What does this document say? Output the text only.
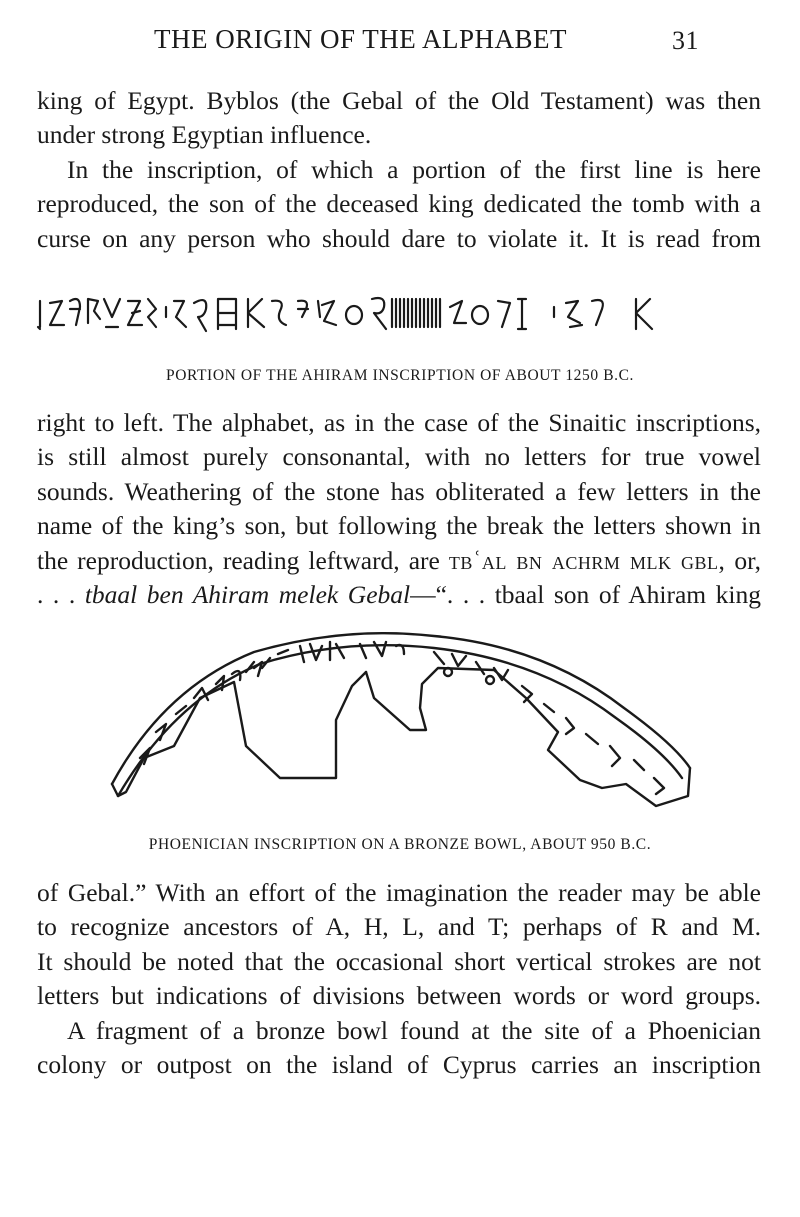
THE ORIGIN OF THE ALPHABET	31
king of Egypt. Byblos (the Gebal of the Old Testament) was then
under strong Egyptian influence.
In the inscription, of which a portion of the first line is here
reproduced, the son of the deceased king dedicated the tomb with a
curse on any person who should dare to violate it. It is read from
PORTION OF THE AHIRAM INSCRIPTION OF ABOUT 1250 B.C.
right to left. The alphabet, as in the case of the Sinaitic inscriptions,
is still almost purely consonantal, with no letters for true vowel
sounds. Weathering of the stone has obliterated a few letters in the
name of the king’s son, but following the break the letters shown in
the reproduction, reading leftward, are tbʿal bn achrm mlk gbl, or,
. . . tbaal ben Ahiram melek Gebal—“. . . tbaal son of Ahiram king
PHOENICIAN INSCRIPTION ON A BRONZE BOWL, ABOUT 950 B.C.
of Gebal.” With an effort of the imagination the reader may be able
to recognize ancestors of A, H, L, and T; perhaps of R and M.
It should be noted that the occasional short vertical strokes are not
letters but indications of divisions between words or word groups.
A fragment of a bronze bowl found at the site of a Phoenician
colony or outpost on the island of Cyprus carries an inscription
